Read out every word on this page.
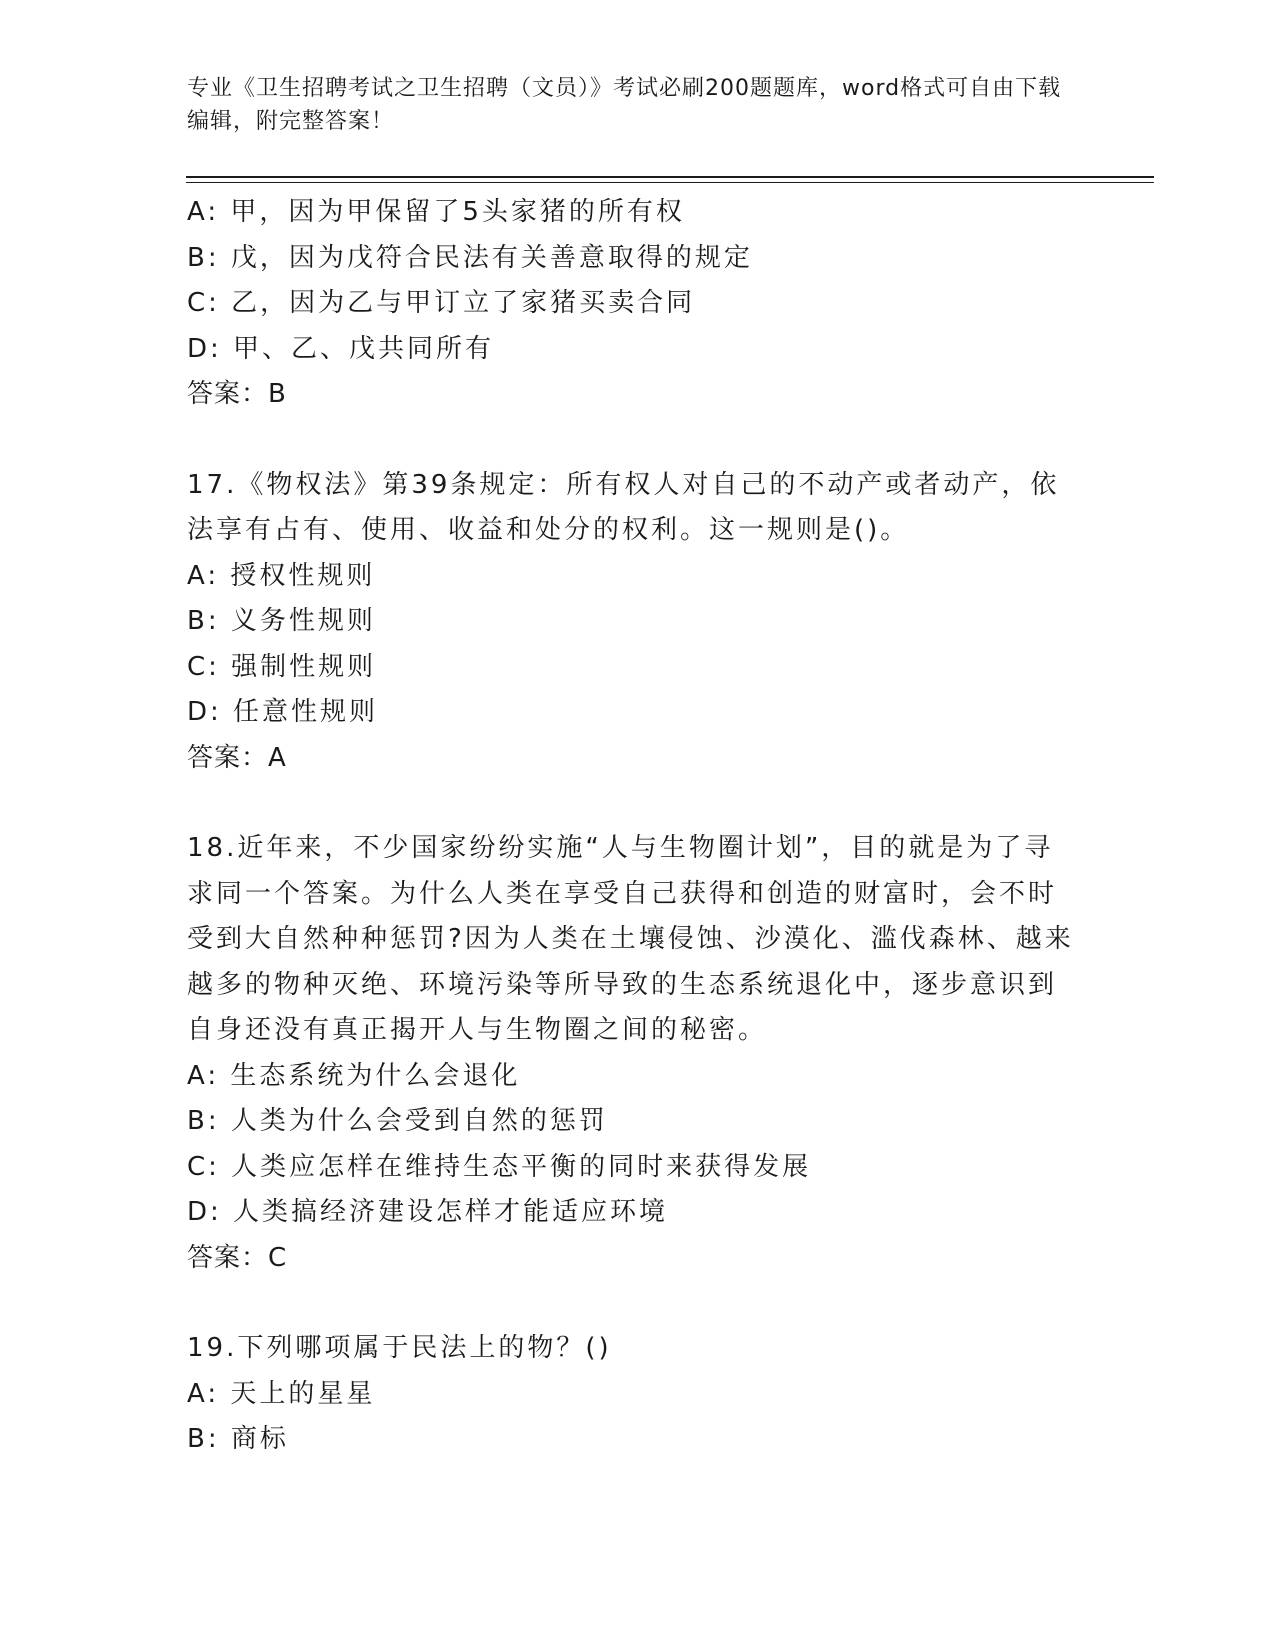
专业《卫生招聘考试之卫生招聘（文员）》考试必刷200题题库，word格式可自由下载编辑，附完整答案！
A: 甲，因为甲保留了5头家猪的所有权
B: 戊，因为戊符合民法有关善意取得的规定
C: 乙，因为乙与甲订立了家猪买卖合同
D: 甲、乙、戊共同所有
答案：B
17.《物权法》第39条规定：所有权人对自己的不动产或者动产，依
法享有占有、使用、收益和处分的权利。这一规则是()。
A: 授权性规则
B: 义务性规则
C: 强制性规则
D: 任意性规则
答案：A
18.近年来，不少国家纷纷实施“人与生物圈计划”，目的就是为了寻
求同一个答案。为什么人类在享受自己获得和创造的财富时，会不时
受到大自然种种惩罚?因为人类在土壤侵蚀、沙漠化、滥伐森林、越来
越多的物种灭绝、环境污染等所导致的生态系统退化中，逐步意识到
自身还没有真正揭开人与生物圈之间的秘密。
A: 生态系统为什么会退化
B: 人类为什么会受到自然的惩罚
C: 人类应怎样在维持生态平衡的同时来获得发展
D: 人类搞经济建设怎样才能适应环境
答案：C
19.下列哪项属于民法上的物？()
A: 天上的星星
B: 商标
